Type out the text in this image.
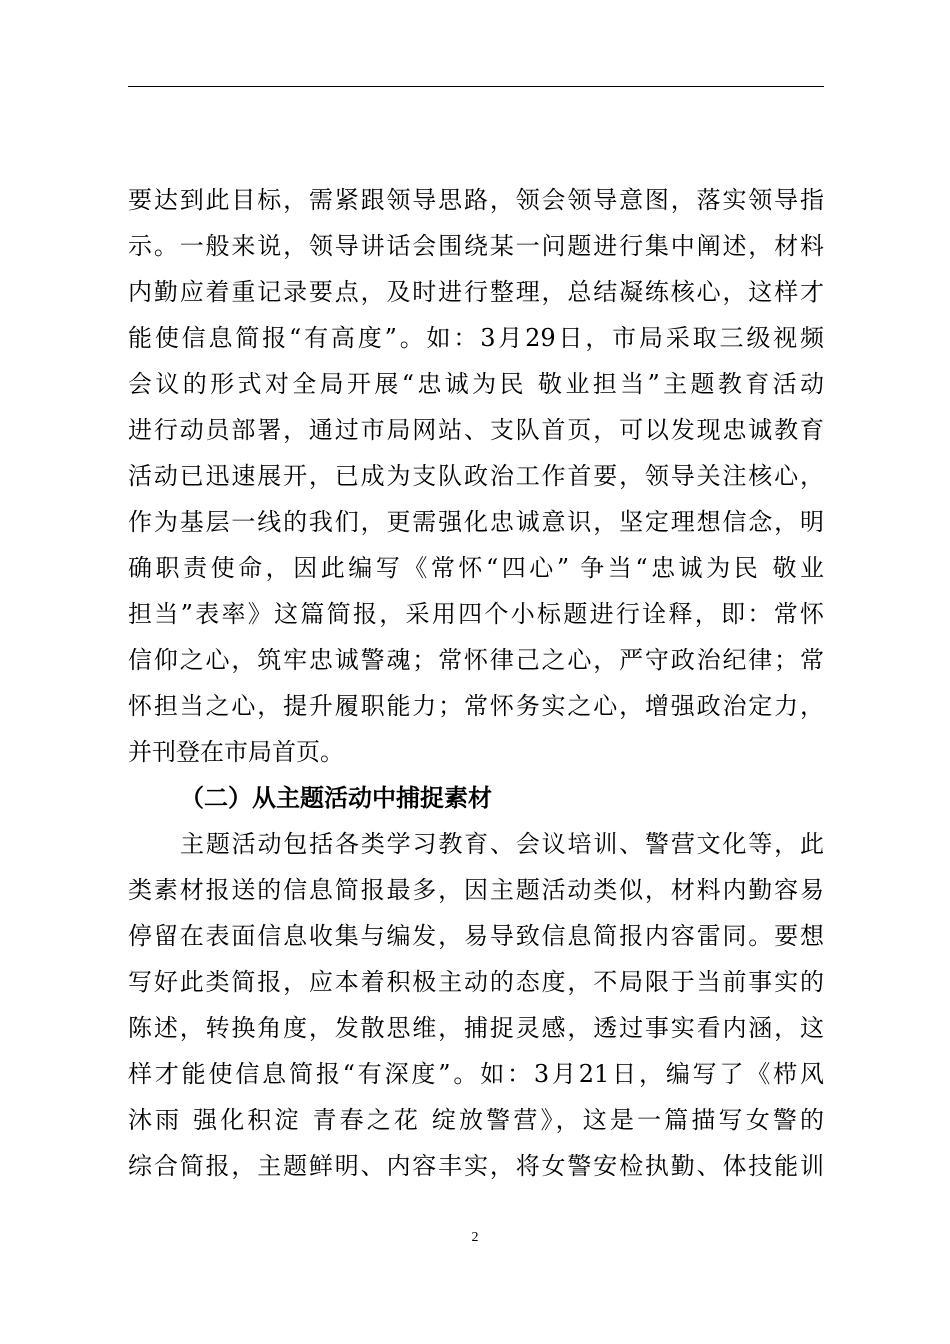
要达到此目标，需紧跟领导思路，领会领导意图，落实领导指
示。一般来说，领导讲话会围绕某一问题进行集中阐述，材料
内勤应着重记录要点，及时进行整理，总结凝练核心，这样才
能使信息简报“有高度”。如：3月29日，市局采取三级视频
会议的形式对全局开展“忠诚为民 敬业担当”主题教育活动
进行动员部署，通过市局网站、支队首页，可以发现忠诚教育
活动已迅速展开，已成为支队政治工作首要，领导关注核心，
作为基层一线的我们，更需强化忠诚意识，坚定理想信念，明
确职责使命，因此编写《常怀“四心” 争当“忠诚为民 敬业
担当”表率》这篇简报，采用四个小标题进行诠释，即：常怀
信仰之心，筑牢忠诚警魂；常怀律己之心，严守政治纪律；常
怀担当之心，提升履职能力；常怀务实之心，增强政治定力，
并刊登在市局首页。
（二）从主题活动中捕捉素材
主题活动包括各类学习教育、会议培训、警营文化等，此
类素材报送的信息简报最多，因主题活动类似，材料内勤容易
停留在表面信息收集与编发，易导致信息简报内容雷同。要想
写好此类简报，应本着积极主动的态度，不局限于当前事实的
陈述，转换角度，发散思维，捕捉灵感，透过事实看内涵，这
样才能使信息简报“有深度”。如：3月21日，编写了《栉风
沐雨 强化积淀 青春之花 绽放警营》，这是一篇描写女警的
综合简报，主题鲜明、内容丰实，将女警安检执勤、体技能训
2
